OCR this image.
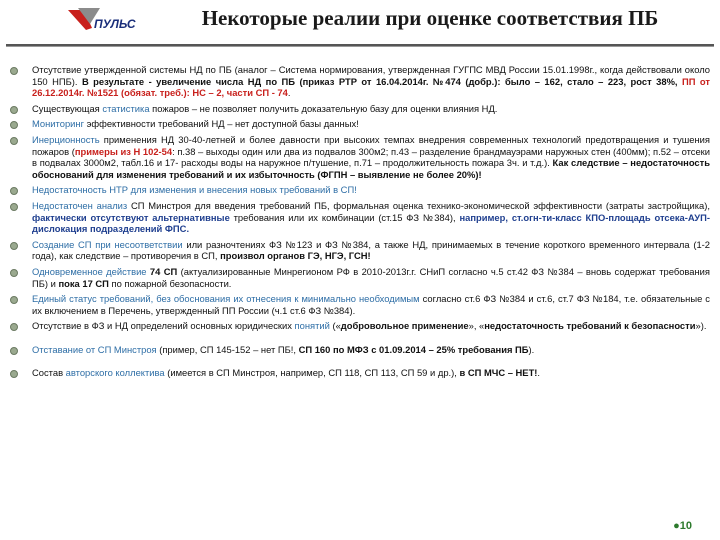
ПУЛЬС	Некоторые реалии при оценке соответствия ПБ
Отсутствие утвержденной системы НД по ПБ (аналог – Система нормирования, утвержденная ГУГПС МВД России 15.01.1998г., когда действовали около 150 НПБ). В результате - увеличение числа НД по ПБ (приказ РТР от 16.04.2014г. №474 (добр.): было – 162, стало – 223, рост 38%, ПП от 26.12.2014г. №1521 (обязат. треб.): НС – 2, части СП - 74.
Существующая статистика пожаров – не позволяет получить доказательную базу для оценки влияния НД.
Мониторинг эффективности требований НД – нет доступной базы данных!
Инерционность применения НД 30-40-летней и более давности при высоких темпах внедрения современных технологий предотвращения и тушения пожаров (примеры из Н 102-54: п.38 – выходы один или два из подвалов 300м2; п.43 – разделение брандмауэрами наружных стен (400мм); п.52 – отсеки в подвалах 3000м2, табл.16 и 17- расходы воды на наружное п/тушение, п.71 – продолжительность пожара 3ч. и т.д.). Как следствие – недостаточность обоснований для изменения требований и их избыточность (ФГПН – выявление не более 20%)!
Недостаточность НТР для изменения и внесения новых требований в СП!
Недостаточен анализ СП Минстроя для введения требований ПБ, формальная оценка технико-экономической эффективности (затраты застройщика), фактически отсутствуют альтернативные требования или их комбинации (ст.15 ФЗ №384), например, ст.огн-ти-класс КПО-площадь отсека-АУП-дислокация подразделений ФПС.
Создание СП при несоответствии или разночтениях ФЗ №123 и ФЗ №384, а также НД, принимаемых в течение короткого временного интервала (1-2 года), как следствие – противоречия в СП, произвол органов ГЭ, НГЭ, ГСН!
Одновременное действие 74 СП (актуализированные Минрегионом РФ в 2010-2013г.г. СНиП согласно ч.5 ст.42 ФЗ №384 – вновь содержат требования ПБ) и пока 17 СП по пожарной безопасности.
Единый статус требований, без обоснования их отнесения к минимально необходимым согласно ст.6 ФЗ №384 и ст.6, ст.7 ФЗ №184, т.е. обязательные с их включением в Перечень, утвержденный ПП России (ч.1 ст.6 ФЗ №384).
Отсутствие в ФЗ и НД определений основных юридических понятий («добровольное применение», «недостаточность требований к безопасности»).
Отставание от СП Минстроя (пример, СП 145-152 – нет ПБ!, СП 160 по МФЗ с 01.09.2014 – 25% требования ПБ).
Состав авторского коллектива (имеется в СП Минстроя, например, СП 118, СП 113, СП 59 и др.), в СП МЧС – НЕТ!.
●10
